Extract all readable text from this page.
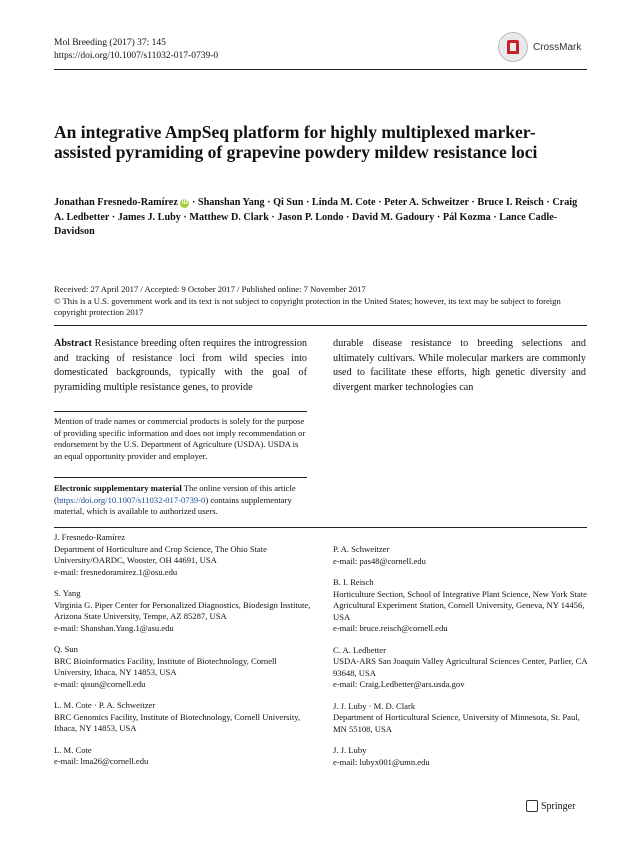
Mol Breeding (2017) 37: 145
https://doi.org/10.1007/s11032-017-0739-0
CrossMark
An integrative AmpSeq platform for highly multiplexed marker-assisted pyramiding of grapevine powdery mildew resistance loci
Jonathan Fresnedo-Ramírez iD · Shanshan Yang · Qi Sun · Linda M. Cote · Peter A. Schweitzer · Bruce I. Reisch · Craig A. Ledbetter · James J. Luby · Matthew D. Clark · Jason P. Londo · David M. Gadoury · Pál Kozma · Lance Cadle-Davidson
Received: 27 April 2017 / Accepted: 9 October 2017 / Published online: 7 November 2017
© This is a U.S. government work and its text is not subject to copyright protection in the United States; however, its text may be subject to foreign copyright protection 2017
Abstract Resistance breeding often requires the introgression and tracking of resistance loci from wild species into domesticated backgrounds, typically with the goal of pyramiding multiple resistance genes, to provide
durable disease resistance to breeding selections and ultimately cultivars. While molecular markers are commonly used to facilitate these efforts, high genetic diversity and divergent marker technologies can
Mention of trade names or commercial products is solely for the purpose of providing specific information and does not imply recommendation or endorsement by the U.S. Department of Agriculture (USDA). USDA is an equal opportunity provider and employer.
Electronic supplementary material The online version of this article (https://doi.org/10.1007/s11032-017-0739-0) contains supplementary material, which is available to authorized users.

J. Fresnedo-Ramírez
Department of Horticulture and Crop Science, The Ohio State University/OARDC, Wooster, OH 44691, USA
e-mail: fresnedoramirez.1@osu.edu

S. Yang
Virginia G. Piper Center for Personalized Diagnostics, Biodesign Institute, Arizona State University, Tempe, AZ 85287, USA
e-mail: Shanshan.Yang.1@asu.edu

Q. Sun
BRC Bioinformatics Facility, Institute of Biotechnology, Cornell University, Ithaca, NY 14853, USA
e-mail: qisun@cornell.edu

L. M. Cote · P. A. Schweitzer
BRC Genomics Facility, Institute of Biotechnology, Cornell University, Ithaca, NY 14853, USA

L. M. Cote
e-mail: lma26@cornell.edu

P. A. Schweitzer
e-mail: pas48@cornell.edu

B. I. Reisch
Horticulture Section, School of Integrative Plant Science, New York State Agricultural Experiment Station, Cornell University, Geneva, NY 14456, USA
e-mail: bruce.reisch@cornell.edu

C. A. Ledbetter
USDA-ARS San Joaquin Valley Agricultural Sciences Center, Parlier, CA 93648, USA
e-mail: Craig.Ledbetter@ars.usda.gov

J. J. Luby · M. D. Clark
Department of Horticultural Science, University of Minnesota, St. Paul, MN 55108, USA

J. J. Luby
e-mail: lubyx001@umn.edu

Springer
